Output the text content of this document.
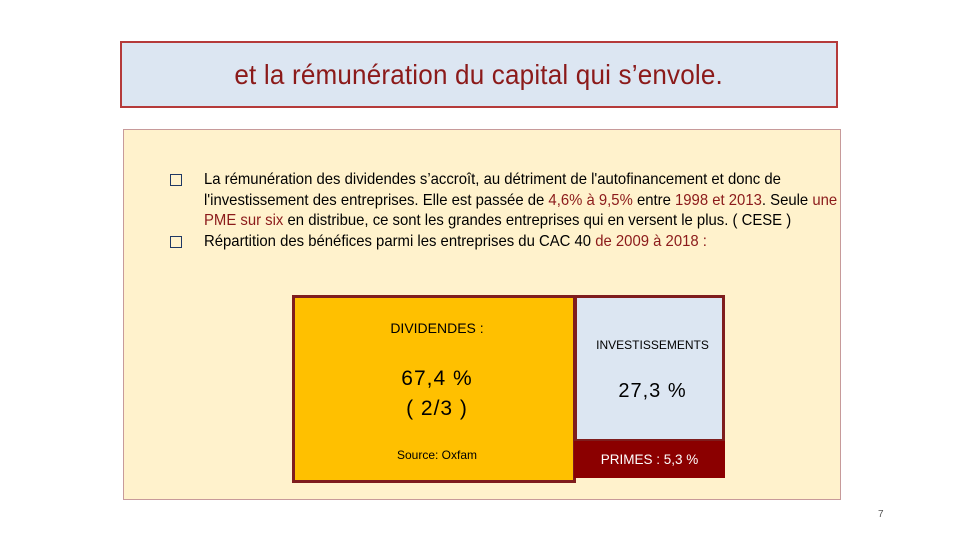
et la rémunération du capital qui s’envole.
La rémunération des dividendes s’accroît, au détriment de l'autofinancement et donc de l'investissement des entreprises. Elle est passée de 4,6% à 9,5% entre 1998 et 2013. Seule une PME sur six en distribue, ce sont les grandes entreprises qui en versent le plus. ( CESE )
Répartition des bénéfices parmi les entreprises du CAC 40 de 2009 à 2018 :
DIVIDENDES :
67,4 %
( 2/3 )
Source: Oxfam
INVESTISSEMENTS
27,3 %
PRIMES : 5,3 %
7
